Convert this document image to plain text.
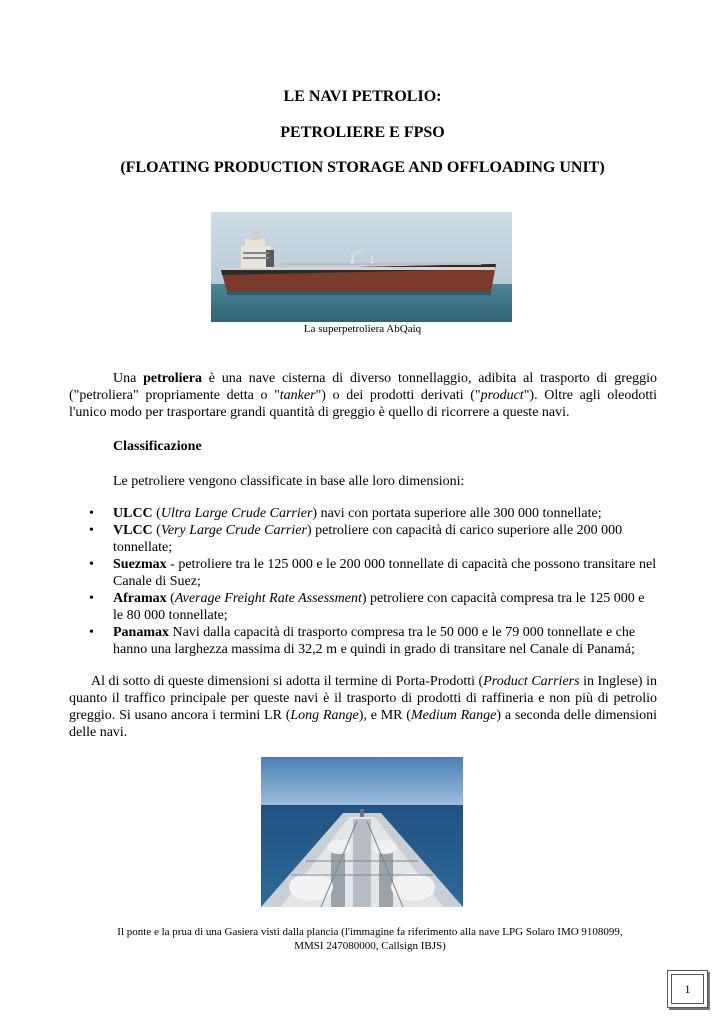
LE NAVI PETROLIO:
PETROLIERE E FPSO
(FLOATING PRODUCTION STORAGE AND OFFLOADING UNIT)
La superpetroliera AbQaiq
Una petroliera è una nave cisterna di diverso tonnellaggio, adibita al trasporto di greggio ("petroliera" propriamente detta o "tanker") o dei prodotti derivati ("product"). Oltre agli oleodotti l'unico modo per trasportare grandi quantità di greggio è quello di ricorrere a queste navi.
Classificazione
Le petroliere vengono classificate in base alle loro dimensioni:
• ULCC (Ultra Large Crude Carrier) navi con portata superiore alle 300 000 tonnellate;
• VLCC (Very Large Crude Carrier) petroliere con capacità di carico superiore alle 200 000 tonnellate;
• Suezmax - petroliere tra le 125 000 e le 200 000 tonnellate di capacità che possono transitare nel Canale di Suez;
• Aframax (Average Freight Rate Assessment) petroliere con capacità compresa tra le 125 000 e le 80 000 tonnellate;
• Panamax Navi dalla capacità di trasporto compresa tra le 50 000 e le 79 000 tonnellate e che hanno una larghezza massima di 32,2 m e quindi in grado di transitare nel Canale di Panamá;
Al di sotto di queste dimensioni si adotta il termine di Porta-Prodotti (Product Carriers in Inglese) in quanto il traffico principale per queste navi è il trasporto di prodotti di raffineria e non più di petrolio greggio. Si usano ancora i termini LR (Long Range), e MR (Medium Range) a seconda delle dimensioni delle navi.
Il ponte e la prua di una Gasiera visti dalla plancia (l'immagine fa riferimento alla nave LPG Solaro IMO 9108099,
MMSI 247080000, Callsign IBJS)
1
